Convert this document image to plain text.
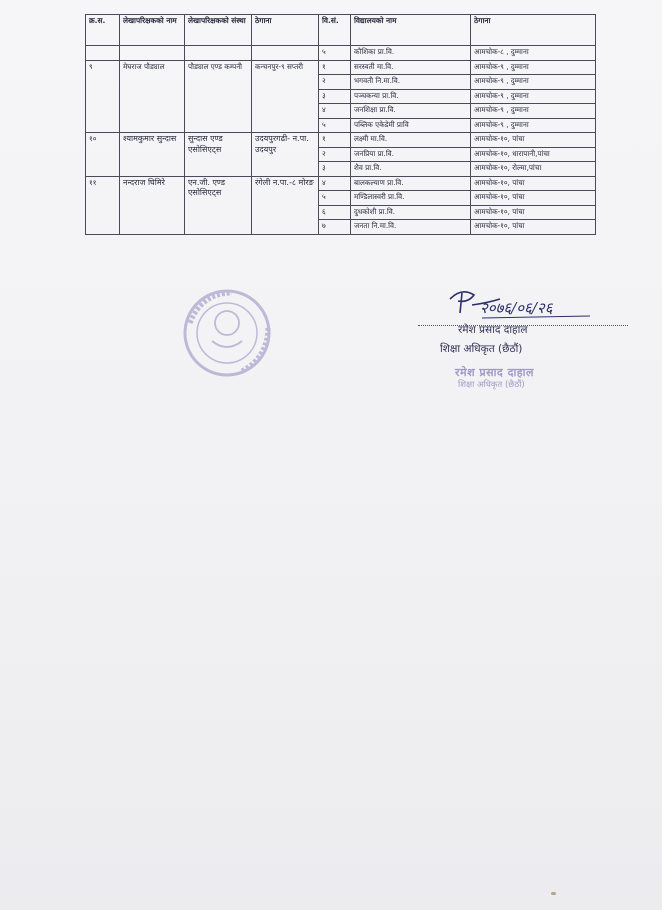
क्र.स.	लेखापरिक्षकको नाम	लेखापरिक्षकको संस्था	ठेगाना	वि.सं.	विद्यालयको नाम	ठेगाना
				५	कौशिका प्रा.वि.	आमचोक-८ , दुम्माना
९	मेघराज पौड्याल	पौड्याल एण्ड कम्पनी	कन्चनपुर-९ सप्तरी	१	सरस्वती मा.वि.	आमचोक-९ , दुम्माना
				२	भगवती नि.मा.वि.	आमचोक-९ , दुम्माना
				३	पञ्चकन्या प्रा.वि.	आमचोक-९ , दुम्माना
				४	जनशिक्षा प्रा.वि.	आमचोक-९ , दुम्माना
				५	पब्लिक एकेडेमी प्रावि	आमचोक-९ , दुम्माना
१०	श्यामकुमार सुन्दास	सुन्दास एण्ड एसोसिएट्स	उदयपुरगढी- न.पा. उदयपुर	१	लक्ष्मी मा.वि.	आमचोक-१०, पांचा
				२	जनप्रिया प्रा.वि.	आमचोक-१०, धारापानी,पांचा
				३	शैव प्रा.वि.	आमचोक-१०, रोल्मा,पांचा
११	नन्दराज घिमिरे	एन.जी. एण्ड एसोसिएट्स	रंगेली न.पा.-८ मोरङ	४	बालकल्याण प्रा.वि.	आमचोक-१०, पांचा
				५	मण्डिलास्वरी प्रा.वि.	आमचोक-१०, पांचा
				६	दुधकोशी प्रा.वि.	आमचोक-१०, पांचा
				७	जनता नि.मा.वि.	आमचोक-१०, पांचा
२०७६/०६/२६
रमेश प्रसाद दाहाल
शिक्षा अधिकृत (छैठौं)
रमेश प्रसाद दाहाल
शिक्षा अधिकृत (छैठौं)
